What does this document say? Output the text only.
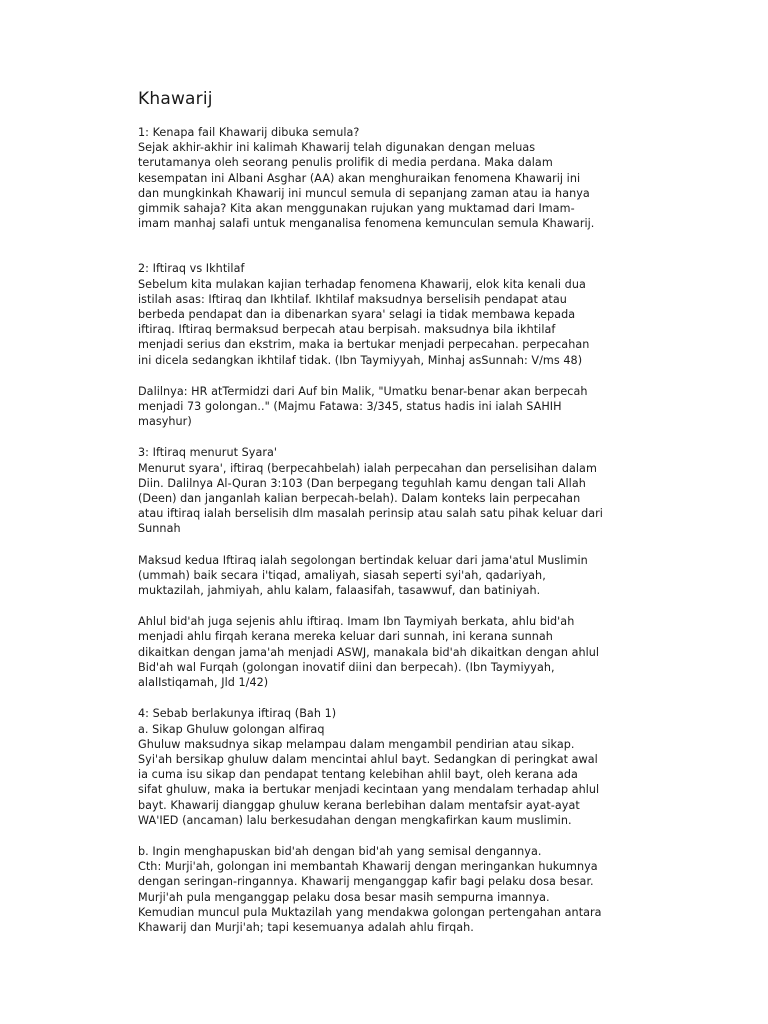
Khawarij

1: Kenapa fail Khawarij dibuka semula?

Sejak akhir-akhir ini kalimah Khawarij telah digunakan dengan meluas
terutamanya oleh seorang penulis prolifik di media perdana. Maka dalam
kesempatan ini Albani Asghar (AA) akan menghuraikan fenomena Khawarij ini
dan mungkinkah Khawarij ini muncul semula di sepanjang zaman atau ia hanya
gimmik sahaja? Kita akan menggunakan rujukan yang muktamad dari Imam-
imam manhaj salafi untuk menganalisa fenomena kemunculan semula Khawarij.

2: Iftiraq vs Ikhtilaf

Sebelum kita mulakan kajian terhadap fenomena Khawarij, elok kita kenali dua
istilah asas: Iftiraq dan Ikhtilaf. Ikhtilaf maksudnya berselisih pendapat atau
berbeda pendapat dan ia dibenarkan syara' selagi ia tidak membawa kepada
iftiraq. Iftiraq bermaksud berpecah atau berpisah. maksudnya bila ikhtilaf
menjadi serius dan ekstrim, maka ia bertukar menjadi perpecahan. perpecahan
ini dicela sedangkan ikhtilaf tidak. (Ibn Taymiyyah, Minhaj asSunnah: V/ms 48)

Dalilnya: HR atTermidzi dari Auf bin Malik, "Umatku benar-benar akan berpecah
menjadi 73 golongan.." (Majmu Fatawa: 3/345, status hadis ini ialah SAHIH
masyhur)

3: Iftiraq menurut Syara'

Menurut syara', iftiraq (berpecahbelah) ialah perpecahan dan perselisihan dalam
Diin. Dalilnya Al-Quran 3:103 (Dan berpegang teguhlah kamu dengan tali Allah
(Deen) dan janganlah kalian berpecah-belah). Dalam konteks lain perpecahan
atau iftiraq ialah berselisih dlm masalah perinsip atau salah satu pihak keluar dari
Sunnah

Maksud kedua Iftiraq ialah segolongan bertindak keluar dari jama'atul Muslimin
(ummah) baik secara i'tiqad, amaliyah, siasah seperti syi'ah, qadariyah,
muktazilah, jahmiyah, ahlu kalam, falaasifah, tasawwuf, dan batiniyah.

Ahlul bid'ah juga sejenis ahlu iftiraq. Imam Ibn Taymiyah berkata, ahlu bid'ah
menjadi ahlu firqah kerana mereka keluar dari sunnah, ini kerana sunnah
dikaitkan dengan jama'ah menjadi ASWJ, manakala bid'ah dikaitkan dengan ahlul
Bid'ah wal Furqah (golongan inovatif diini dan berpecah). (Ibn Taymiyyah,
alalIstiqamah, Jld 1/42)

4: Sebab berlakunya iftiraq (Bah 1)

a. Sikap Ghuluw golongan alfiraq
Ghuluw maksudnya sikap melampau dalam mengambil pendirian atau sikap.
Syi'ah bersikap ghuluw dalam mencintai ahlul bayt. Sedangkan di peringkat awal
ia cuma isu sikap dan pendapat tentang kelebihan ahlil bayt, oleh kerana ada
sifat ghuluw, maka ia bertukar menjadi kecintaan yang mendalam terhadap ahlul
bayt. Khawarij dianggap ghuluw kerana berlebihan dalam mentafsir ayat-ayat
WA'IED (ancaman) lalu berkesudahan dengan mengkafirkan kaum muslimin.

b. Ingin menghapuskan bid'ah dengan bid'ah yang semisal dengannya.
Cth: Murji'ah, golongan ini membantah Khawarij dengan meringankan hukumnya
dengan seringan-ringannya. Khawarij menganggap kafir bagi pelaku dosa besar.
Murji'ah pula menganggap pelaku dosa besar masih sempurna imannya.
Kemudian muncul pula Muktazilah yang mendakwa golongan pertengahan antara
Khawarij dan Murji'ah; tapi kesemuanya adalah ahlu firqah.
